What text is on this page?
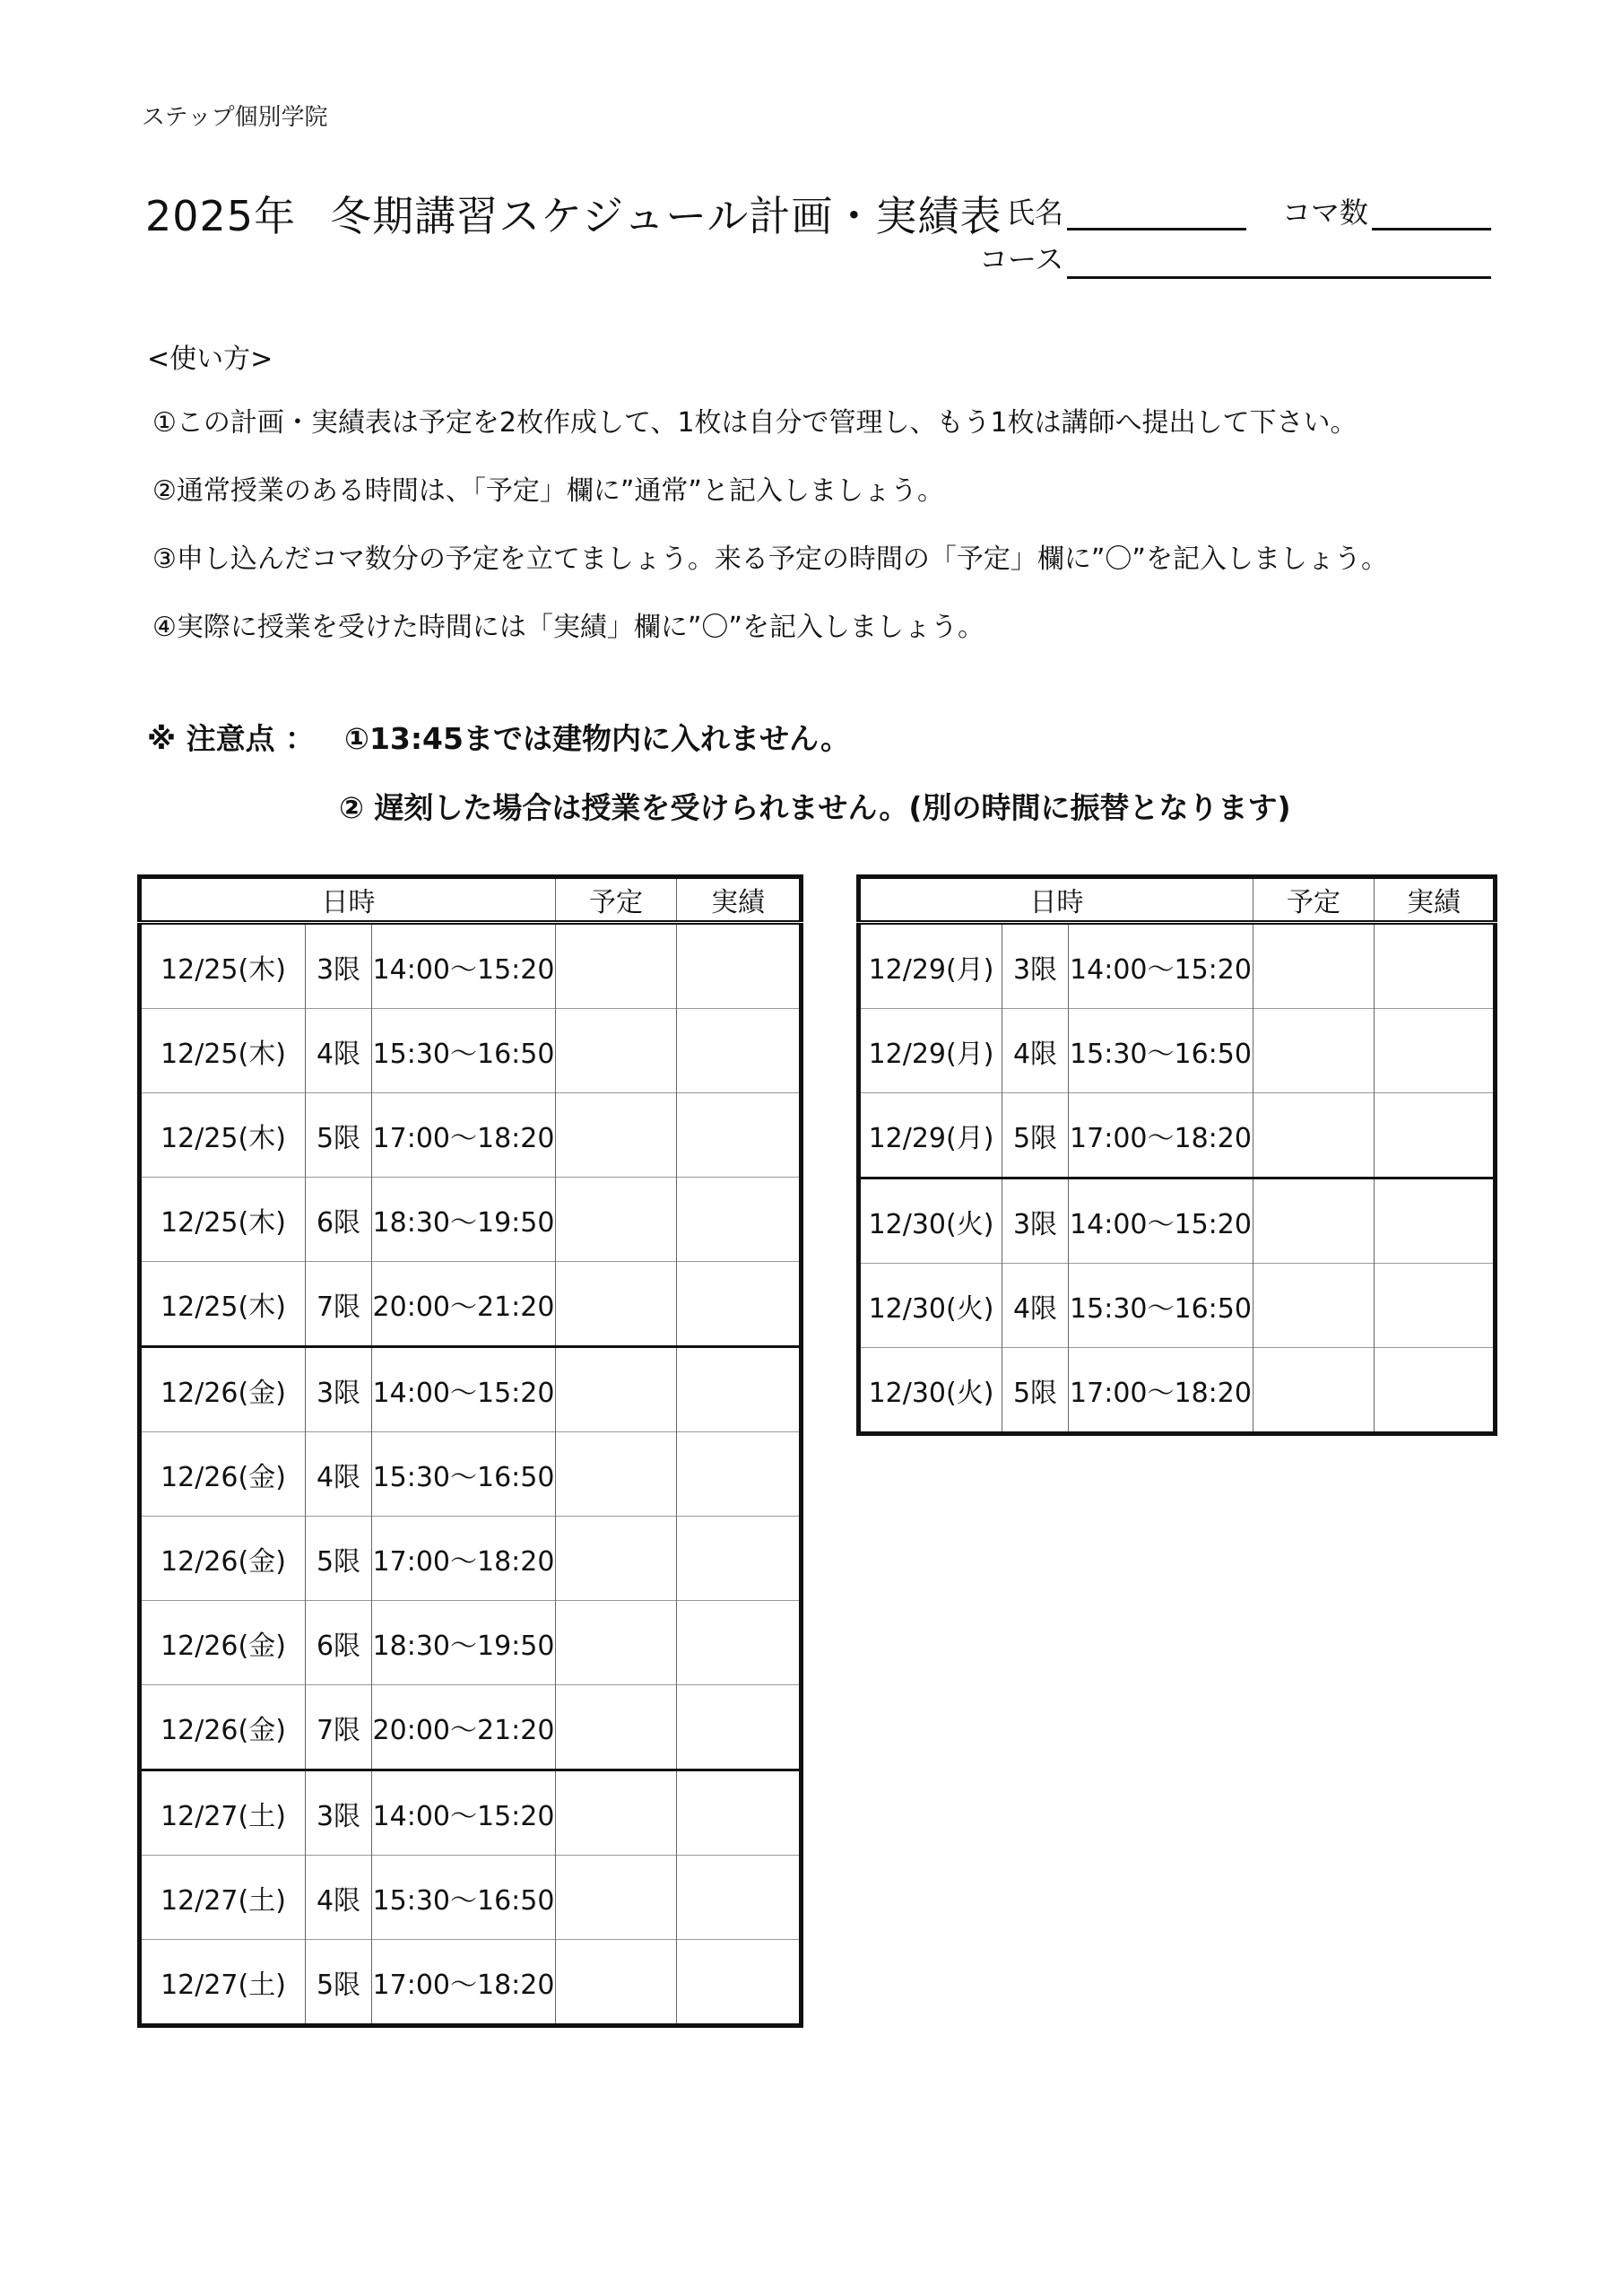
ステップ個別学院
2025年 冬期講習スケジュール計画・実績表 氏名	コマ数
コース
<使い方>
①この計画・実績表は予定を2枚作成して、1枚は自分で管理し、もう1枚は講師へ提出して下さい。
②通常授業のある時間は、「予定」欄に”通常”と記入しましょう。
③申し込んだコマ数分の予定を立てましょう。来る予定の時間の「予定」欄に”〇”を記入しましょう。
④実際に授業を受けた時間には「実績」欄に”〇”を記入しましょう。
※ 注意点 ： ①13:45までは建物内に入れません。
② 遅刻した場合は授業を受けられません。(別の時間に振替となります)
日時			予定	実績
12/25(木)	3限	14:00～15:20		
12/25(木)	4限	15:30～16:50		
12/25(木)	5限	17:00～18:20		
12/25(木)	6限	18:30～19:50		
12/25(木)	7限	20:00～21:20		
12/26(金)	3限	14:00～15:20		
12/26(金)	4限	15:30～16:50		
12/26(金)	5限	17:00～18:20		
12/26(金)	6限	18:30～19:50		
12/26(金)	7限	20:00～21:20		
12/27(土)	3限	14:00～15:20		
12/27(土)	4限	15:30～16:50		
12/27(土)	5限	17:00～18:20		
日時			予定	実績
12/29(月)	3限	14:00～15:20		
12/29(月)	4限	15:30～16:50		
12/29(月)	5限	17:00～18:20		
12/30(火)	3限	14:00～15:20		
12/30(火)	4限	15:30～16:50		
12/30(火)	5限	17:00～18:20		
